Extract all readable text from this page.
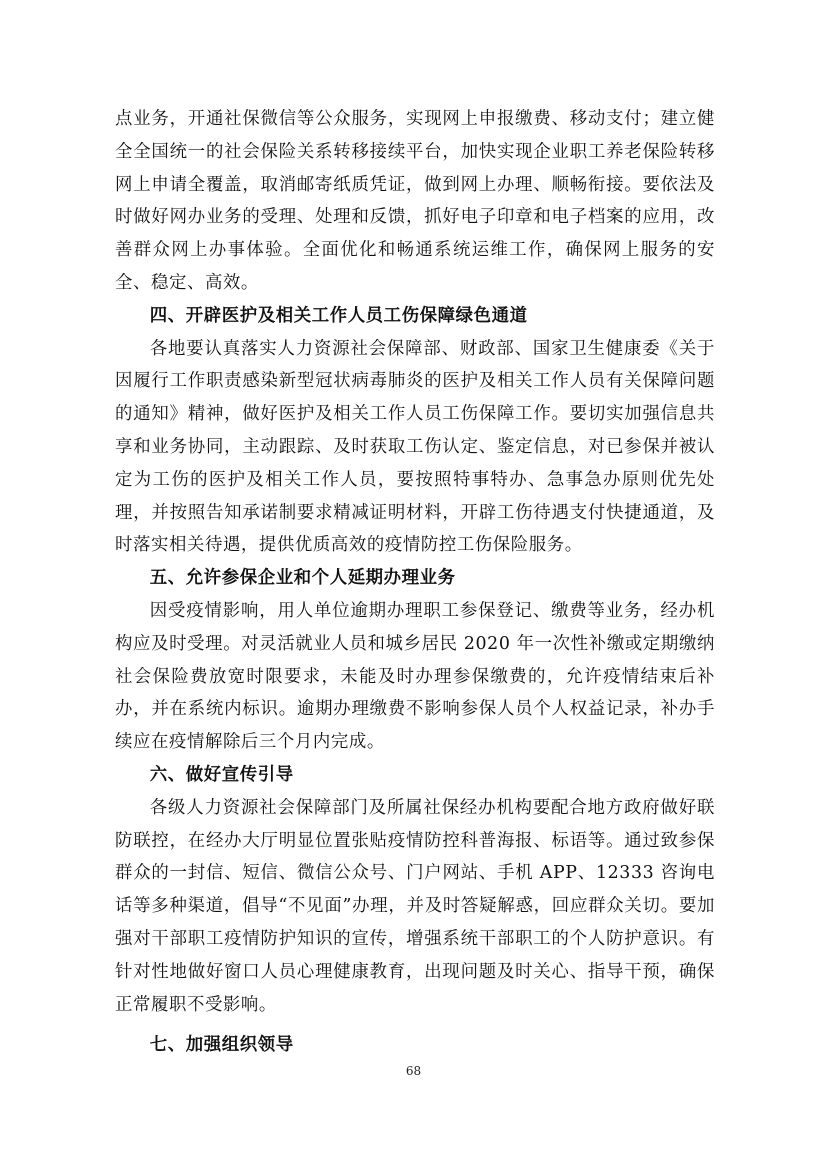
点业务，开通社保微信等公众服务，实现网上申报缴费、移动支付；建立健全全国统一的社会保险关系转移接续平台，加快实现企业职工养老保险转移网上申请全覆盖，取消邮寄纸质凭证，做到网上办理、顺畅衔接。要依法及时做好网办业务的受理、处理和反馈，抓好电子印章和电子档案的应用，改善群众网上办事体验。全面优化和畅通系统运维工作，确保网上服务的安全、稳定、高效。

四、开辟医护及相关工作人员工伤保障绿色通道

各地要认真落实人力资源社会保障部、财政部、国家卫生健康委《关于因履行工作职责感染新型冠状病毒肺炎的医护及相关工作人员有关保障问题的通知》精神，做好医护及相关工作人员工伤保障工作。要切实加强信息共享和业务协同，主动跟踪、及时获取工伤认定、鉴定信息，对已参保并被认定为工伤的医护及相关工作人员，要按照特事特办、急事急办原则优先处理，并按照告知承诺制要求精减证明材料，开辟工伤待遇支付快捷通道，及时落实相关待遇，提供优质高效的疫情防控工伤保险服务。

五、允许参保企业和个人延期办理业务

因受疫情影响，用人单位逾期办理职工参保登记、缴费等业务，经办机构应及时受理。对灵活就业人员和城乡居民 2020 年一次性补缴或定期缴纳社会保险费放宽时限要求，未能及时办理参保缴费的，允许疫情结束后补办，并在系统内标识。逾期办理缴费不影响参保人员个人权益记录，补办手续应在疫情解除后三个月内完成。

六、做好宣传引导

各级人力资源社会保障部门及所属社保经办机构要配合地方政府做好联防联控，在经办大厅明显位置张贴疫情防控科普海报、标语等。通过致参保群众的一封信、短信、微信公众号、门户网站、手机 APP、12333 咨询电话等多种渠道，倡导“不见面”办理，并及时答疑解惑，回应群众关切。要加强对干部职工疫情防护知识的宣传，增强系统干部职工的个人防护意识。有针对性地做好窗口人员心理健康教育，出现问题及时关心、指导干预，确保正常履职不受影响。

七、加强组织领导
68
